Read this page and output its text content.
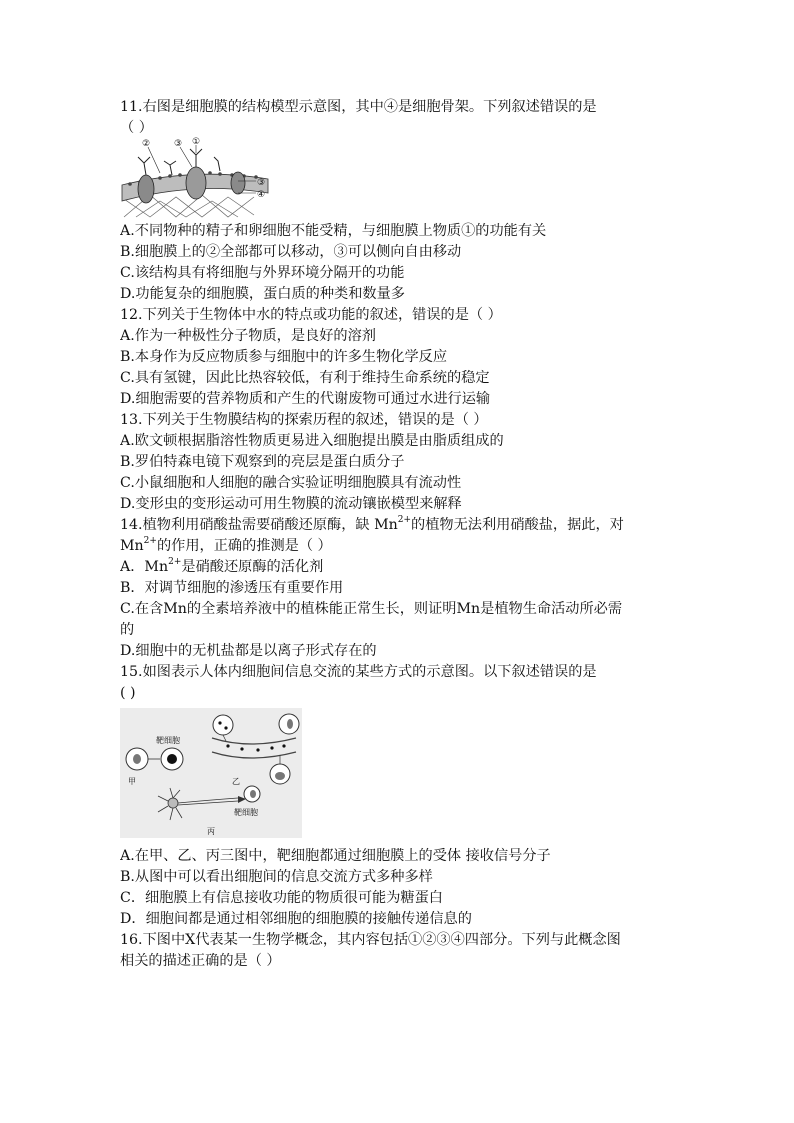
11.右图是细胞膜的结构模型示意图，其中④是细胞骨架。下列叙述错误的是
（ ）
②	③ ①
③
④
A.不同物种的精子和卵细胞不能受精，与细胞膜上物质①的功能有关
B.细胞膜上的②全部都可以移动，③可以侧向自由移动
C.该结构具有将细胞与外界环境分隔开的功能
D.功能复杂的细胞膜，蛋白质的种类和数量多
12.下列关于生物体中水的特点或功能的叙述，错误的是（ ）
A.作为一种极性分子物质，是良好的溶剂
B.本身作为反应物质参与细胞中的许多生物化学反应
C.具有氢键，因此比热容较低，有利于维持生命系统的稳定
D.细胞需要的营养物质和产生的代谢废物可通过水进行运输
13.下列关于生物膜结构的探索历程的叙述，错误的是（ ）
A.欧文顿根据脂溶性物质更易进入细胞提出膜是由脂质组成的
B.罗伯特森电镜下观察到的亮层是蛋白质分子
C.小鼠细胞和人细胞的融合实验证明细胞膜具有流动性
D.变形虫的变形运动可用生物膜的流动镶嵌模型来解释
14.植物利用硝酸盐需要硝酸还原酶，缺 $Mn^{2+}$的植物无法利用硝酸盐，据此，对
$Mn^{2+}$的作用，正确的推测是（ ）
A．$Mn^{2+}$是硝酸还原酶的活化剂
B．对调节细胞的渗透压有重要作用
C.在含Mn的全素培养液中的植株能正常生长，则证明Mn是植物生命活动所必需
的
D.细胞中的无机盐都是以离子形式存在的
15.如图表示人体内细胞间信息交流的某些方式的示意图。以下叙述错误的是
( )
靶细胞
甲	乙
靶细胞
丙
A.在甲、乙、丙三图中，靶细胞都通过细胞膜上的受体 接收信号分子
B.从图中可以看出细胞间的信息交流方式多种多样
C．细胞膜上有信息接收功能的物质很可能为糖蛋白
D．细胞间都是通过相邻细胞的细胞膜的接触传递信息的
16.下图中X代表某一生物学概念，其内容包括①②③④四部分。下列与此概念图
相关的描述正确的是（ ）
